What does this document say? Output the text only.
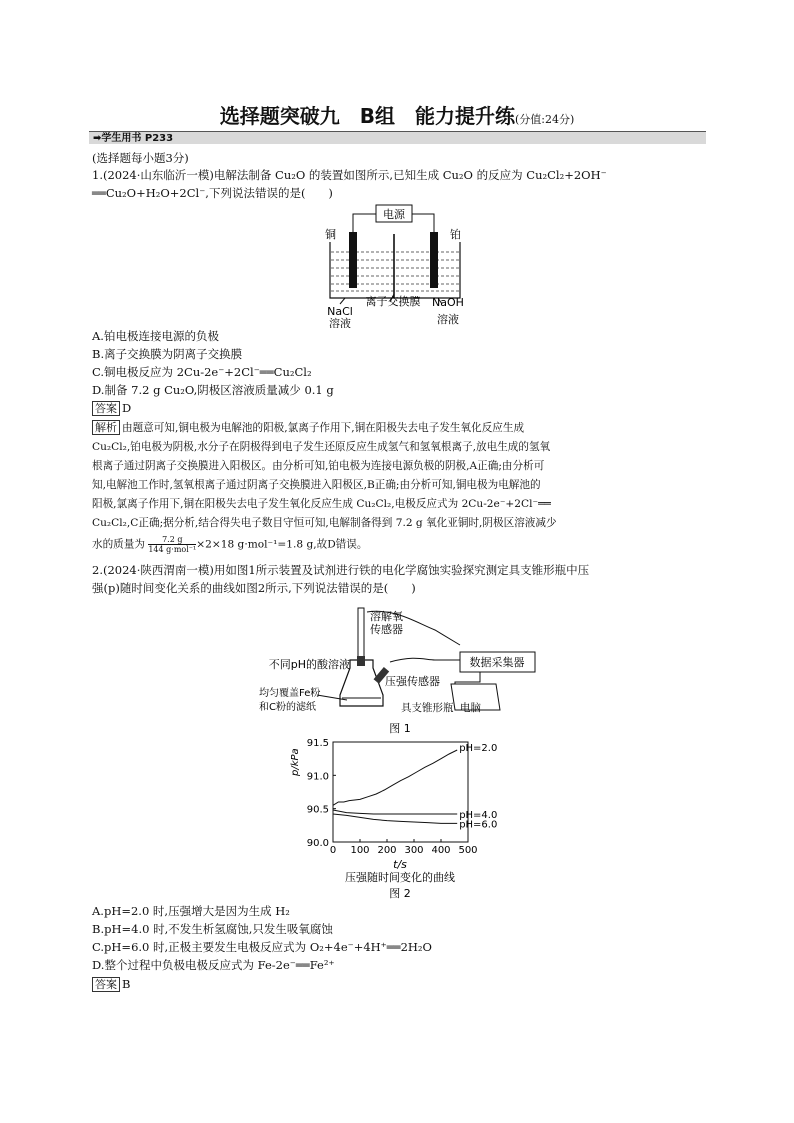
选择题突破九　B组　能力提升练(分值:24分)
➡学生用书 P233
(选择题每小题3分)
1.(2024·山东临沂一模)电解法制备 Cu₂O 的装置如图所示,已知生成 Cu₂O 的反应为 Cu₂Cl₂+2OH⁻
══Cu₂O+H₂O+2Cl⁻,下列说法错误的是(　　)
电源
铜	铂
NaCl
溶液
离子交换膜 NaOH
溶液
A.铂电极连接电源的负极
B.离子交换膜为阴离子交换膜
C.铜电极反应为 2Cu-2e⁻+2Cl⁻══Cu₂Cl₂
D.制备 7.2 g Cu₂O,阴极区溶液质量减少 0.1 g
答案 D
解析 由题意可知,铜电极为电解池的阳极,氯离子作用下,铜在阳极失去电子发生氧化反应生成
Cu₂Cl₂,铂电极为阴极,水分子在阴极得到电子发生还原反应生成氢气和氢氧根离子,放电生成的氢氧
根离子通过阴离子交换膜进入阳极区。由分析可知,铂电极为连接电源负极的阴极,A正确;由分析可
知,电解池工作时,氢氧根离子通过阴离子交换膜进入阳极区,B正确;由分析可知,铜电极为电解池的
阳极,氯离子作用下,铜在阳极失去电子发生氧化反应生成 Cu₂Cl₂,电极反应式为 2Cu-2e⁻+2Cl⁻══
Cu₂Cl₂,C正确;据分析,结合得失电子数目守恒可知,电解制备得到 7.2 g 氧化亚铜时,阴极区溶液减少
水的质量为	7.2 g
144 g·mol⁻¹ ×2×18 g·mol⁻¹=1.8 g,故D错误。
2.(2024·陕西渭南一模)用如图1所示装置及试剂进行铁的电化学腐蚀实验探究测定具支锥形瓶中压
强(p)随时间变化关系的曲线如图2所示,下列说法错误的是(　　)
数据采集器
溶解氧
传感器
不同pH的酸溶液
压强传感器
均匀覆盖Fe粉
和C粉的滤纸	具支锥形瓶 电脑
图 1
0 100 200 300 400 500
90.0
90.5
91.0
91.5	pH=2.0
pH=4.0
pH=6.0
p/kPa
t/s
压强随时间变化的曲线
图 2
A.pH=2.0 时,压强增大是因为生成 H₂
B.pH=4.0 时,不发生析氢腐蚀,只发生吸氧腐蚀
C.pH=6.0 时,正极主要发生电极反应式为 O₂+4e⁻+4H⁺══2H₂O
D.整个过程中负极电极反应式为 Fe-2e⁻══Fe²⁺
答案 B
